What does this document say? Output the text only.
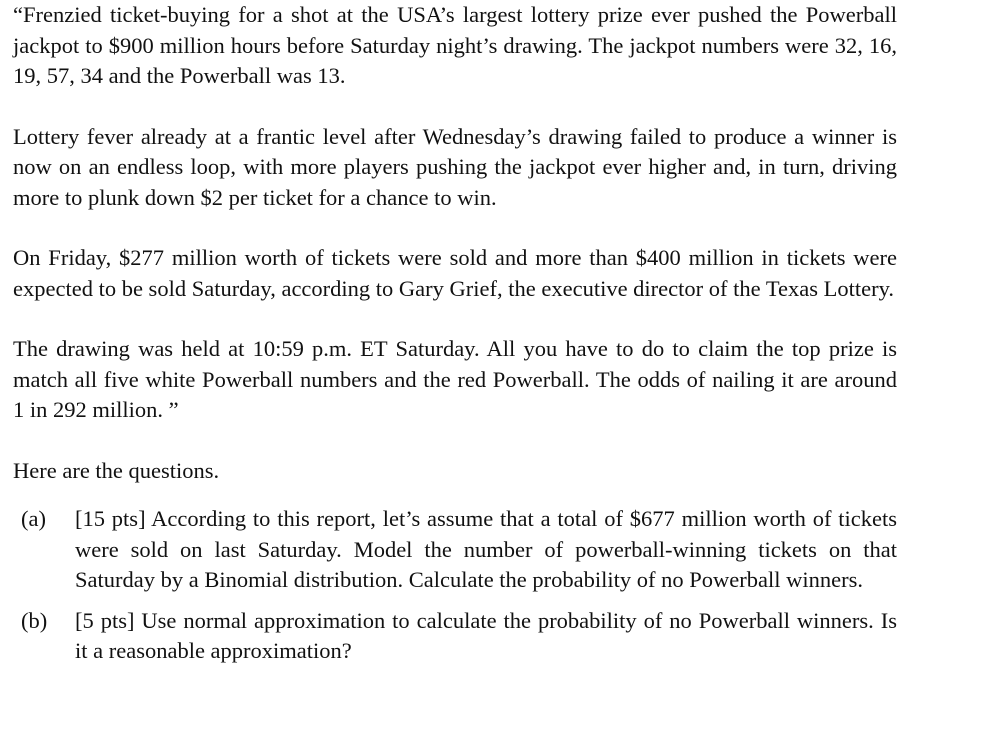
“Frenzied ticket-buying for a shot at the USA’s largest lottery prize ever pushed the Powerball jackpot to $900 million hours before Saturday night’s drawing. The jackpot numbers were 32, 16, 19, 57, 34 and the Powerball was 13.

Lottery fever already at a frantic level after Wednesday’s drawing failed to produce a winner is now on an endless loop, with more players pushing the jackpot ever higher and, in turn, driving more to plunk down $2 per ticket for a chance to win.

On Friday, $277 million worth of tickets were sold and more than $400 million in tickets were expected to be sold Saturday, according to Gary Grief, the executive director of the Texas Lottery.

The drawing was held at 10:59 p.m. ET Saturday. All you have to do to claim the top prize is match all five white Powerball numbers and the red Powerball. The odds of nailing it are around 1 in 292 million. ”

Here are the questions.

(a)	[15 pts] According to this report, let’s assume that a total of $677 million worth of tickets were sold on last Saturday. Model the number of powerball-winning tickets on that Saturday by a Binomial distribution. Calculate the probability of no Powerball winners.
(b)	[5 pts] Use normal approximation to calculate the probability of no Powerball winners. Is it a reasonable approximation?
